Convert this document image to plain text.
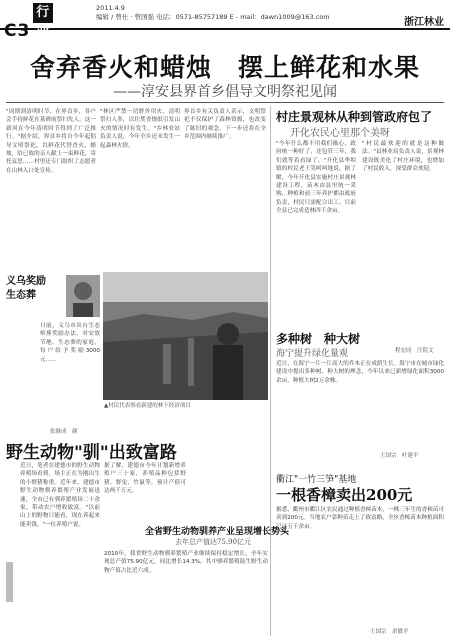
C3行业
2011.4.9
编辑 / 曾仕 · 曾国强 电话：0571-85757189 E - mail：dawn1009@163.com	浙江林业
舍弃香火和蜡烛　摆上鲜花和水果
——淳安县界首乡倡导文明祭祀见闻
"周期到清明时节，在界首乡，各户会手持鲜花在墓碑前祭扫先人，这一新风在今年清明时节得到了广泛推行。"据介绍，界首乡将自今年起倡导文明祭祀，以鲜花代替香火、蜡烛，给已故的亲人献上一束鲜花，寄托哀思……村里还专门组织了志愿者在山林入口处宣传。
"林区严禁一切野外用火，清明祭扫人多，以往焚香烧纸引发山火的情况时有发生。"乡林业站负责人说，今年全乡还未发生一起森林火情。
界首乡有关负责人表示，文明祭祀不仅保护了森林资源，也改变了陈旧的观念，下一步还将在全乡范围内继续推广。
义乌奖励
生态葬
日前，义乌市出台生态殡葬奖励办法，对安放节地、生态葬的家庭，每户给予奖励3000元……
张继成　颜
▲村民代表察看新建的林下经济项目
村庄景观林从种到管政府包了
开化农民心里那个美呀
"今年什么都不用我们操心，政府统一种好了，还包管三年，我们就等着看绿了。"开化县华埠镇的村民老王笑呵呵地说。据了解，今年开化县实施村庄景观林建设工程，苗木由县里统一采购，种植和前三年养护都由政府负责，村民只需配合出工。目前全县已完成造林四千余亩。
"村民最欢迎的就是这种做法。"县林业局负责人说，景观林建设既美化了村庄环境，也增加了村民收入，深受群众欢迎。
程宏同　汪院文
多种树　种大树
海宁提升绿化量观
近日，在海宁一片一片高大的乔木正在成荫生长。海宁市在城市绿化建设中提出多种树、种大树的理念，今年以来已新增绿化面积3000余亩，种植大树2万余株。
王国宗　叶建平
野生动物"驯"出致富路
近日，笔者在建德市的野生动物养殖场看到，场主正在为刚出生的小野猪称重。近年来，建德市野生动物驯养繁殖产业发展迅速，全市已有驯养繁殖场二十余家，带动农户增收致富。"以前山上的野物只能看，现在养起来能卖钱。"一位养殖户说。
据了解，建德市今年计划新增养殖户三十家，养殖品种包括野猪、野兔、竹鼠等，预计产值可达两千万元。
全省野生动物驯养产业呈现增长势头
去年总产值达75.90亿元
2010年，我省野生动物驯养繁殖产业继续保持稳定增长，全年实现总产值75.90亿元，同比增长14.3%。其中驯养繁殖陆生野生动物产值占比近六成。
衢江"一竹三笋"基地
一根香樟卖出200元
据悉，衢州市衢江区农民通过种植香樟苗木，一株三年生的香樟苗可卖到200元。当地农户靠种苗走上了致富路，全区香樟苗木种植面积已达五千余亩。
王国宗　余敏平
